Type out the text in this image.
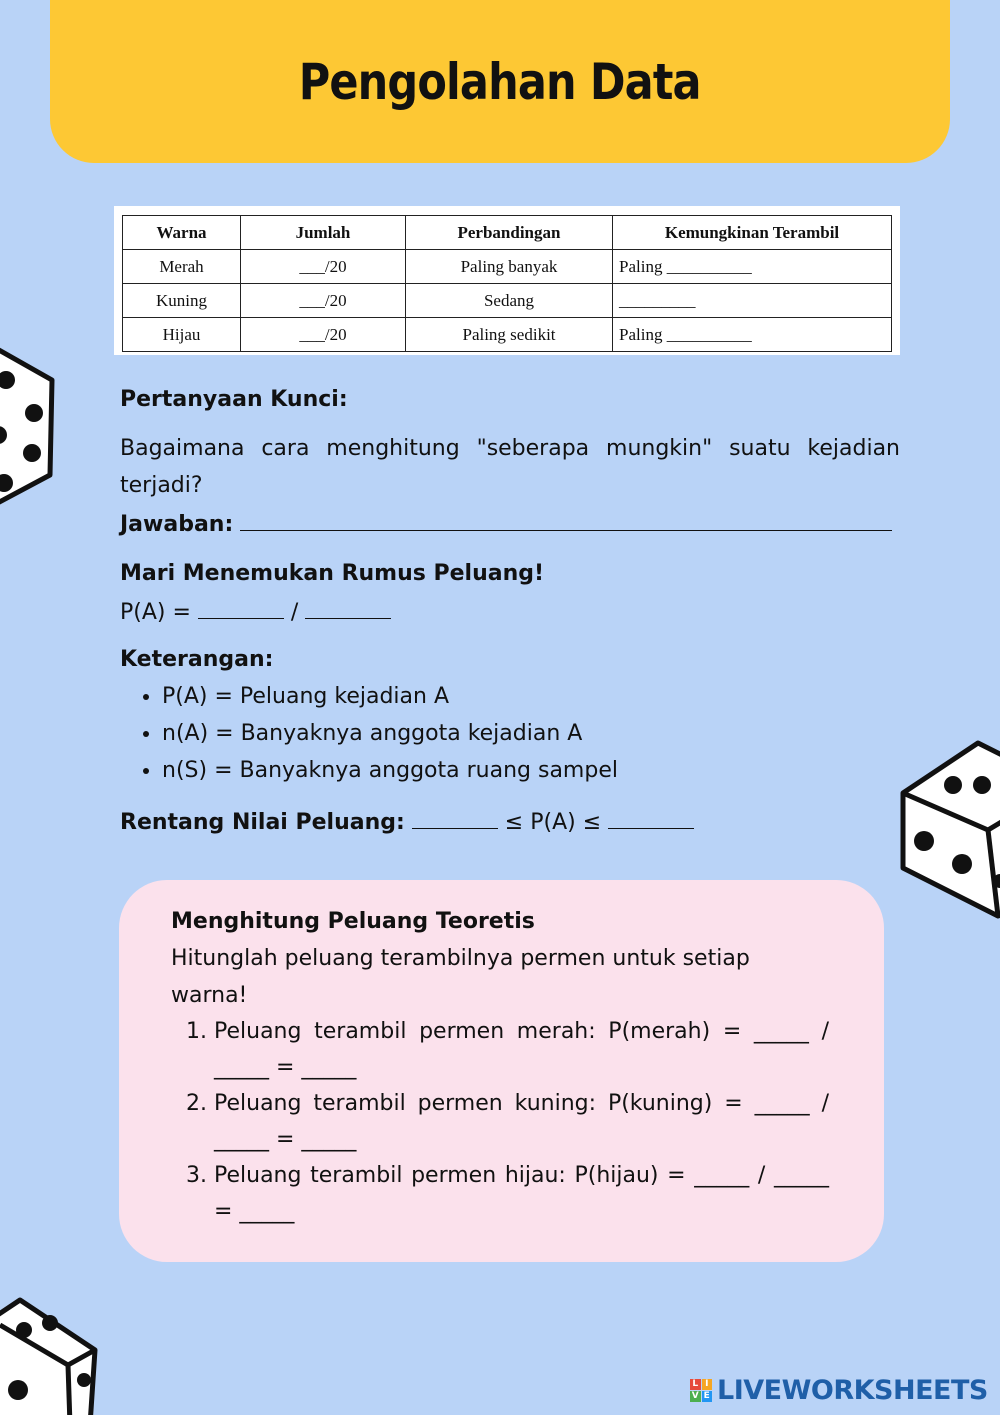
Pengolahan Data
Warna	Jumlah	Perbandingan	Kemungkinan Terambil
Merah	___/20	Paling banyak	Paling __________
Kuning	___/20	Sedang	_________
Hijau	___/20	Paling sedikit	Paling __________
Pertanyaan Kunci:
Bagaimana cara menghitung "seberapa mungkin" suatu kejadian terjadi?
Jawaban:
Mari Menemukan Rumus Peluang!
P(A) =	/
Keterangan:
• P(A) = Peluang kejadian A
• n(A) = Banyaknya anggota kejadian A
• n(S) = Banyaknya anggota ruang sampel
Rentang Nilai Peluang:	≤ P(A) ≤
Menghitung Peluang Teoretis
Hitunglah peluang terambilnya permen untuk setiap warna!
1. Peluang terambil permen merah: P(merah) = _____ / _____ = _____
2. Peluang terambil permen kuning: P(kuning) = _____ / _____ = _____
3. Peluang terambil permen hijau: P(hijau) = _____ / _____ = _____
L I
V E LIVEWORKSHEETS
